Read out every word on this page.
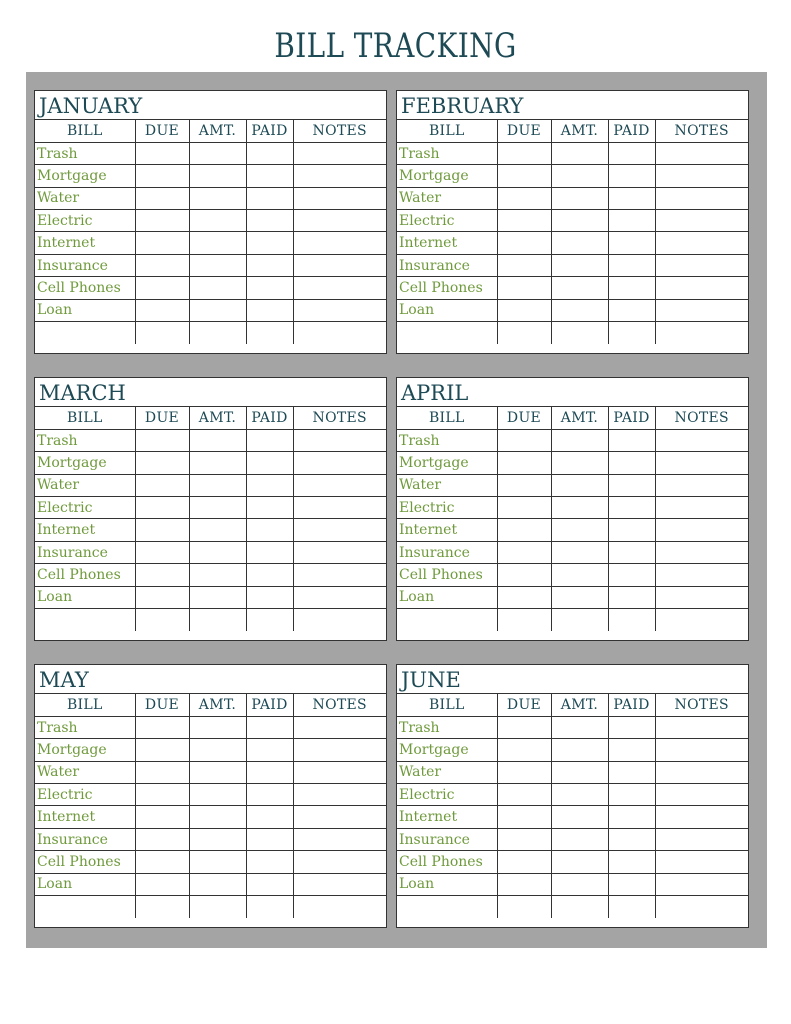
BILL TRACKING
JANUARY
BILL	DUE	AMT.	PAID	NOTES
Trash				
Mortgage				
Water				
Electric				
Internet				
Insurance				
Cell Phones				
Loan				

FEBRUARY
BILL	DUE	AMT.	PAID	NOTES
Trash				
Mortgage				
Water				
Electric				
Internet				
Insurance				
Cell Phones				
Loan				

MARCH
BILL	DUE	AMT.	PAID	NOTES
Trash				
Mortgage				
Water				
Electric				
Internet				
Insurance				
Cell Phones				
Loan				

APRIL
BILL	DUE	AMT.	PAID	NOTES
Trash				
Mortgage				
Water				
Electric				
Internet				
Insurance				
Cell Phones				
Loan				

MAY
BILL	DUE	AMT.	PAID	NOTES
Trash				
Mortgage				
Water				
Electric				
Internet				
Insurance				
Cell Phones				
Loan				

JUNE
BILL	DUE	AMT.	PAID	NOTES
Trash				
Mortgage				
Water				
Electric				
Internet				
Insurance				
Cell Phones				
Loan				
